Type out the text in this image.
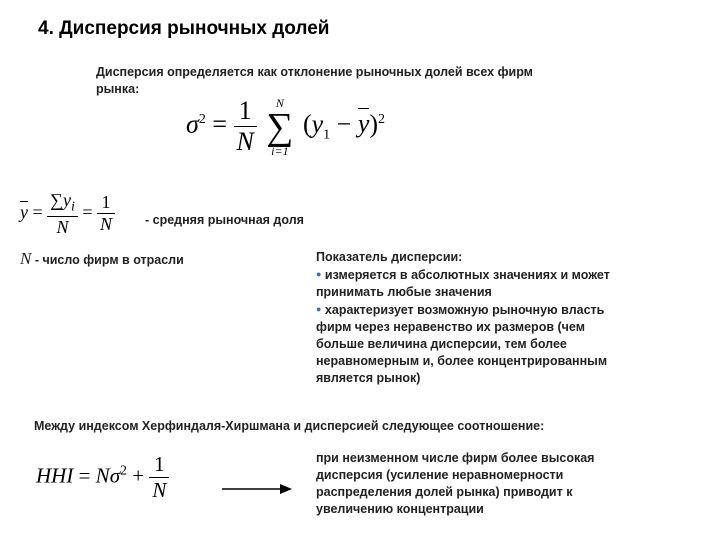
4. Дисперсия рыночных долей
Дисперсия определяется как отклонение рыночных долей всех фирм
рынка:
$\sigma^2 = \frac{1}{N}$
	N
∑
i=1
$(y_1 - y)^2$
$y = \frac{\sum y_i}{N} = \frac{1}{N}$ - средняя рыночная доля
N - число фирм в отрасли	Показатель дисперсии:
● измеряется в абсолютных значениях и может
принимать любые значения
● характеризует возможную рыночную власть
фирм через неравенство их размеров (чем
больше величина дисперсии, тем более
неравномерным и, более концентрированным
является рынок)
Между индексом Херфиндаля-Хиршмана и дисперсией следующее соотношение:
HHI = $N\sigma^2 + \frac{1}{N}$	при неизменном числе фирм более высокая
дисперсия (усиление неравномерности
распределения долей рынка) приводит к
увеличению концентрации
